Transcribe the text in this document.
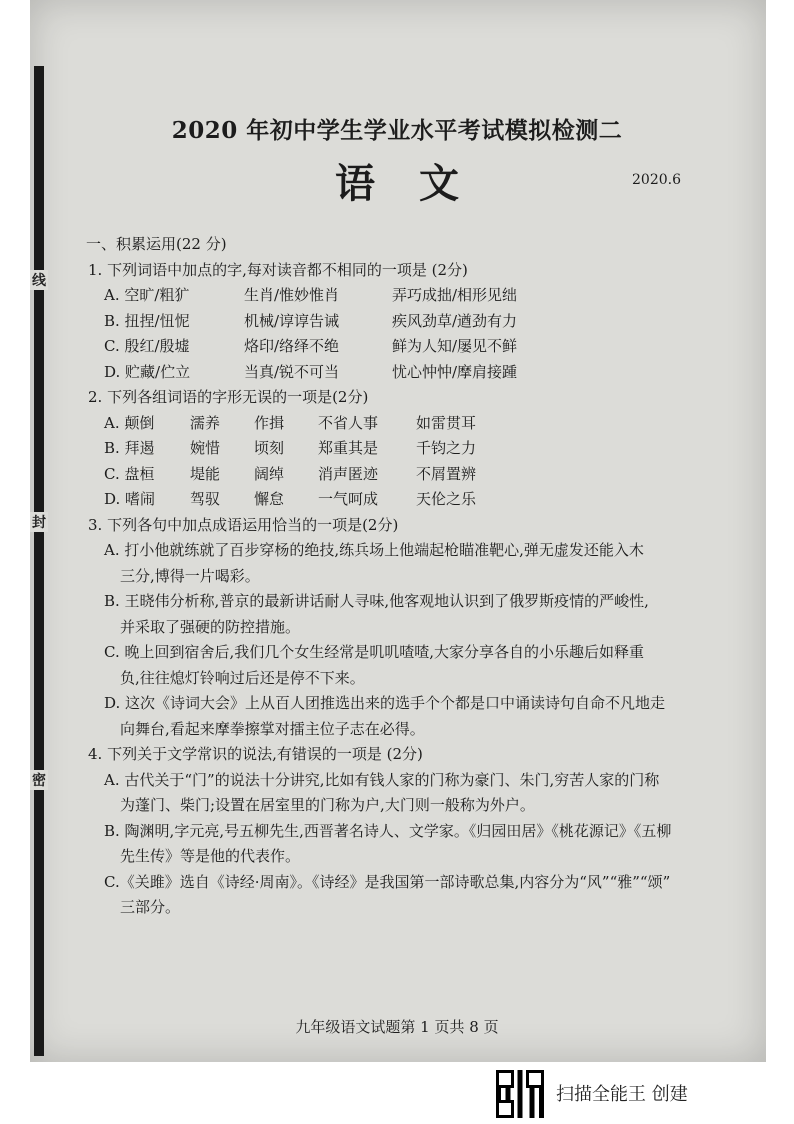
线
封
密
2020 年初中学生学业水平考试模拟检测二
语文	2020.6
一、积累运用(22 分)
1. 下列词语中加点的字,每对读音都不相同的一项是 (2分)
A. 空旷/粗犷	生肖/惟妙惟肖	弄巧成拙/相形见绌
B. 扭捏/忸怩	机械/谆谆告诫	疾风劲草/遒劲有力
C. 殷红/殷墟	烙印/络绎不绝	鲜为人知/屡见不鲜
D. 贮藏/伫立	当真/锐不可当	忧心忡忡/摩肩接踵
2. 下列各组词语的字形无误的一项是(2分)
A. 颠倒	濡养	作揖	不省人事	如雷贯耳
B. 拜遏	婉惜	顷刻	郑重其是	千钧之力
C. 盘桓	堤能	阔绰	消声匿迹	不屑置辨
D. 嗜闹	驾驭	懈怠	一气呵成	天伦之乐
3. 下列各句中加点成语运用恰当的一项是(2分)
A. 打小他就练就了百步穿杨的绝技,练兵场上他端起枪瞄准靶心,弹无虚发还能入木
三分,博得一片喝彩。
B. 王晓伟分析称,普京的最新讲话耐人寻味,他客观地认识到了俄罗斯疫情的严峻性,
并采取了强硬的防控措施。
C. 晚上回到宿舍后,我们几个女生经常是叽叽喳喳,大家分享各自的小乐趣后如释重
负,往往熄灯铃响过后还是停不下来。
D. 这次《诗词大会》上从百人团推选出来的选手个个都是口中诵读诗句自命不凡地走
向舞台,看起来摩拳擦掌对擂主位子志在必得。
4. 下列关于文学常识的说法,有错误的一项是 (2分)
A. 古代关于“门”的说法十分讲究,比如有钱人家的门称为豪门、朱门,穷苦人家的门称
为蓬门、柴门;设置在居室里的门称为户,大门则一般称为外户。
B. 陶渊明,字元亮,号五柳先生,西晋著名诗人、文学家。《归园田居》《桃花源记》《五柳
先生传》等是他的代表作。
C.《关雎》选自《诗经·周南》。《诗经》是我国第一部诗歌总集,内容分为“风”“雅”“颂”
三部分。
九年级语文试题第 1 页共 8 页
扫描全能王 创建
